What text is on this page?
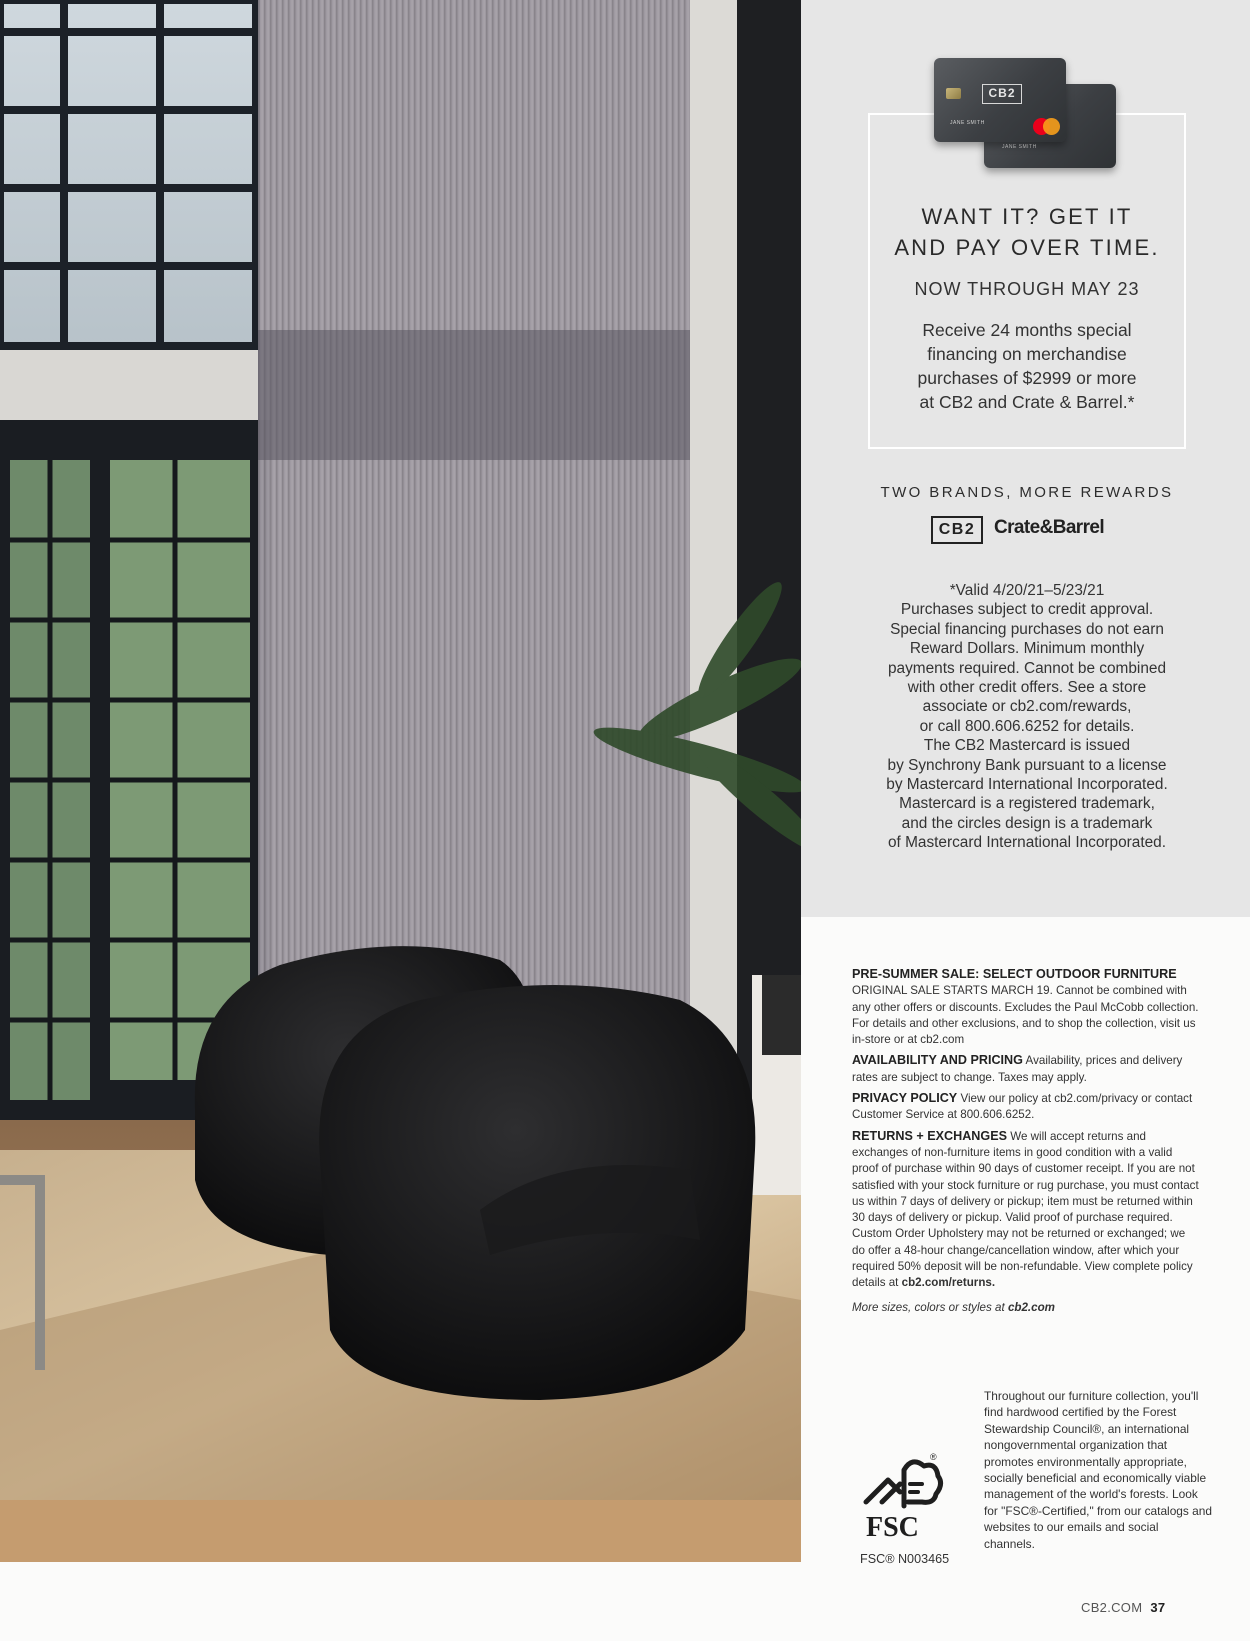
JANE SMITH
CB2
JANE SMITH
WANT IT? GET IT
AND PAY OVER TIME.
NOW THROUGH MAY 23
Receive 24 months special
financing on merchandise
purchases of $2999 or more
at CB2 and Crate & Barrel.*
TWO BRANDS, MORE REWARDS
CB2 Crate&Barrel
*Valid 4/20/21–5/23/21
Purchases subject to credit approval.
Special financing purchases do not earn
Reward Dollars. Minimum monthly
payments required. Cannot be combined
with other credit offers. See a store
associate or cb2.com/rewards,
or call 800.606.6252 for details.
The CB2 Mastercard is issued
by Synchrony Bank pursuant to a license
by Mastercard International Incorporated.
Mastercard is a registered trademark,
and the circles design is a trademark
of Mastercard International Incorporated.

PRE-SUMMER SALE: SELECT OUTDOOR FURNITURE
ORIGINAL SALE STARTS MARCH 19. Cannot be combined with any other offers or discounts. Excludes the Paul McCobb collection. For details and other exclusions, and to shop the collection, visit us in-store or at cb2.com

AVAILABILITY AND PRICING Availability, prices and delivery rates are subject to change. Taxes may apply.

PRIVACY POLICY View our policy at cb2.com/privacy or contact Customer Service at 800.606.6252.

RETURNS + EXCHANGES We will accept returns and exchanges of non-furniture items in good condition with a valid proof of purchase within 90 days of customer receipt. If you are not satisfied with your stock furniture or rug purchase, you must contact us within 7 days of delivery or pickup; item must be returned within 30 days of delivery or pickup. Valid proof of purchase required. Custom Order Upholstery may not be returned or exchanged; we do offer a 48-hour change/cancellation window, after which your required 50% deposit will be non-refundable. View complete policy details at cb2.com/returns.

More sizes, colors or styles at cb2.com

®
FSC
FSC® N003465
Throughout our furniture collection, you'll find hardwood certified by the Forest Stewardship Council®, an international nongovernmental organization that promotes environmentally appropriate, socially beneficial and economically viable management of the world's forests. Look for "FSC®-Certified," from our catalogs and websites to our emails and social channels.
CB2.COM 37
